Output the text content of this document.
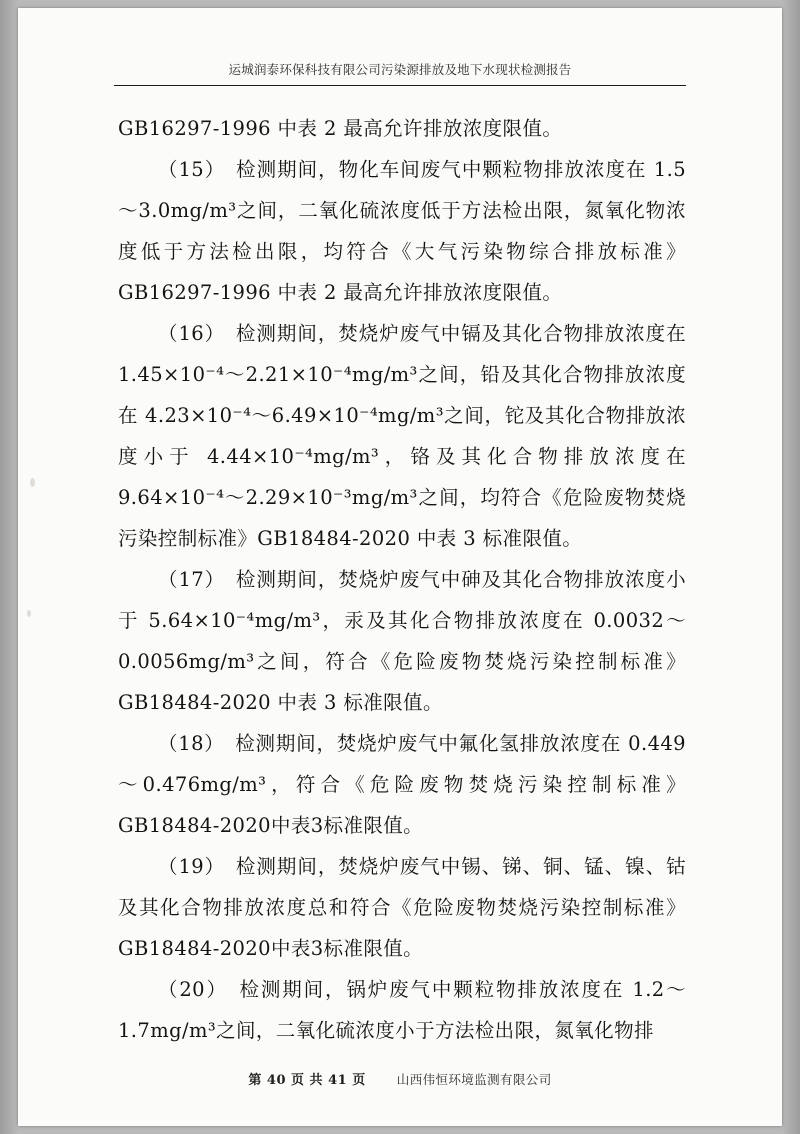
运城润泰环保科技有限公司污染源排放及地下水现状检测报告

GB16297-1996 中表 2 最高允许排放浓度限值。

（15）　检测期间，物化车间废气中颗粒物排放浓度在 1.5～3.0mg/m³之间，二氧化硫浓度低于方法检出限，氮氧化物浓度低于方法检出限，均符合《大气污染物综合排放标准》GB16297-1996 中表 2 最高允许排放浓度限值。

（16）　检测期间，焚烧炉废气中镉及其化合物排放浓度在 1.45×10⁻⁴～2.21×10⁻⁴mg/m³之间，铅及其化合物排放浓度在 4.23×10⁻⁴～6.49×10⁻⁴mg/m³之间，铊及其化合物排放浓度小于 4.44×10⁻⁴mg/m³，铬及其化合物排放浓度在 9.64×10⁻⁴～2.29×10⁻³mg/m³之间，均符合《危险废物焚烧污染控制标准》GB18484-2020 中表 3 标准限值。

（17）　检测期间，焚烧炉废气中砷及其化合物排放浓度小于 5.64×10⁻⁴mg/m³，汞及其化合物排放浓度在 0.0032～0.0056mg/m³之间，符合《危险废物焚烧污染控制标准》GB18484-2020 中表 3 标准限值。

（18）　检测期间，焚烧炉废气中氟化氢排放浓度在 0.449～0.476mg/m³，符合《危险废物焚烧污染控制标准》GB18484-2020中表3标准限值。

（19）　检测期间，焚烧炉废气中锡、锑、铜、锰、镍、钴及其化合物排放浓度总和符合《危险废物焚烧污染控制标准》GB18484-2020中表3标准限值。

（20）　检测期间，锅炉废气中颗粒物排放浓度在 1.2～1.7mg/m³之间，二氧化硫浓度小于方法检出限，氮氧化物排

第 40 页 共 41 页 山西伟恒环境监测有限公司
